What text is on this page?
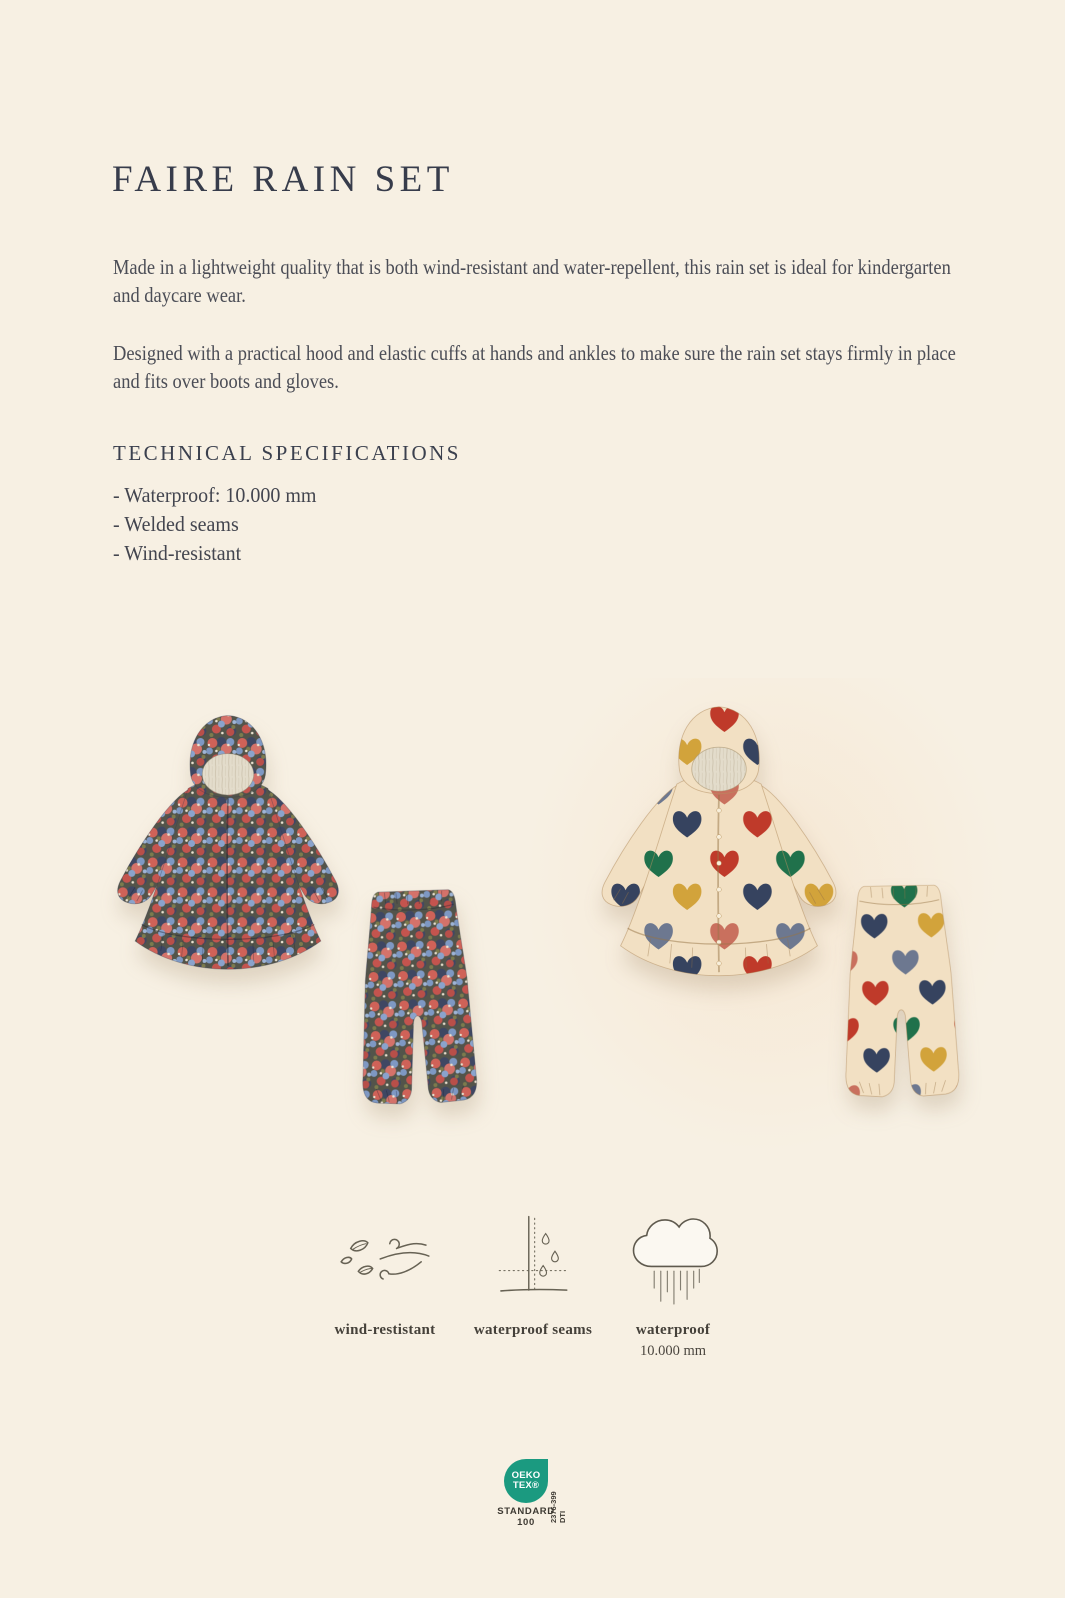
FAIRE RAIN SET

Made in a lightweight quality that is both wind-resistant and water-repellent, this rain set is ideal for kindergarten and daycare wear.

Designed with a practical hood and elastic cuffs at hands and ankles to make sure the rain set stays firmly in place and fits over boots and gloves.

TECHNICAL SPECIFICATIONS
- Waterproof: 10.000 mm
- Welded seams
- Wind-resistant
wind-restistant	waterproof seams	waterproof
10.000 mm
OEKO
TEX®
STANDARD
100	2376-399 DTI
